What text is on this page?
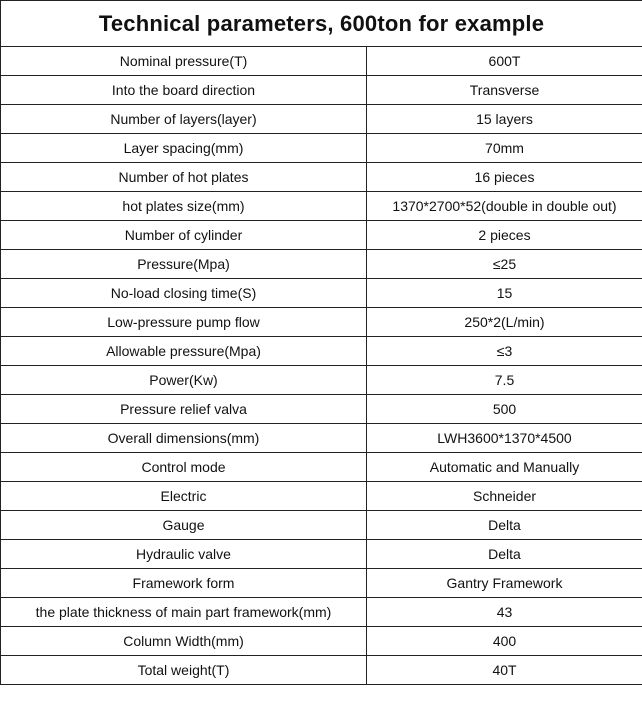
Technical parameters, 600ton for example	
Nominal pressure(T)	600T
Into the board direction	Transverse
Number of layers(layer)	15 layers
Layer spacing(mm)	70mm
Number of hot plates	16 pieces
hot plates size(mm)	1370*2700*52(double in double out)
Number of cylinder	2 pieces
Pressure(Mpa)	≤25
No-load closing time(S)	15
Low-pressure pump flow	250*2(L/min)
Allowable pressure(Mpa)	≤3
Power(Kw)	7.5
Pressure relief valva	500
Overall dimensions(mm)	LWH3600*1370*4500
Control mode	Automatic and Manually
Electric	Schneider
Gauge	Delta
Hydraulic valve	Delta
Framework form	Gantry Framework
the plate thickness of main part framework(mm)	43
Column Width(mm)	400
Total weight(T)	40T
